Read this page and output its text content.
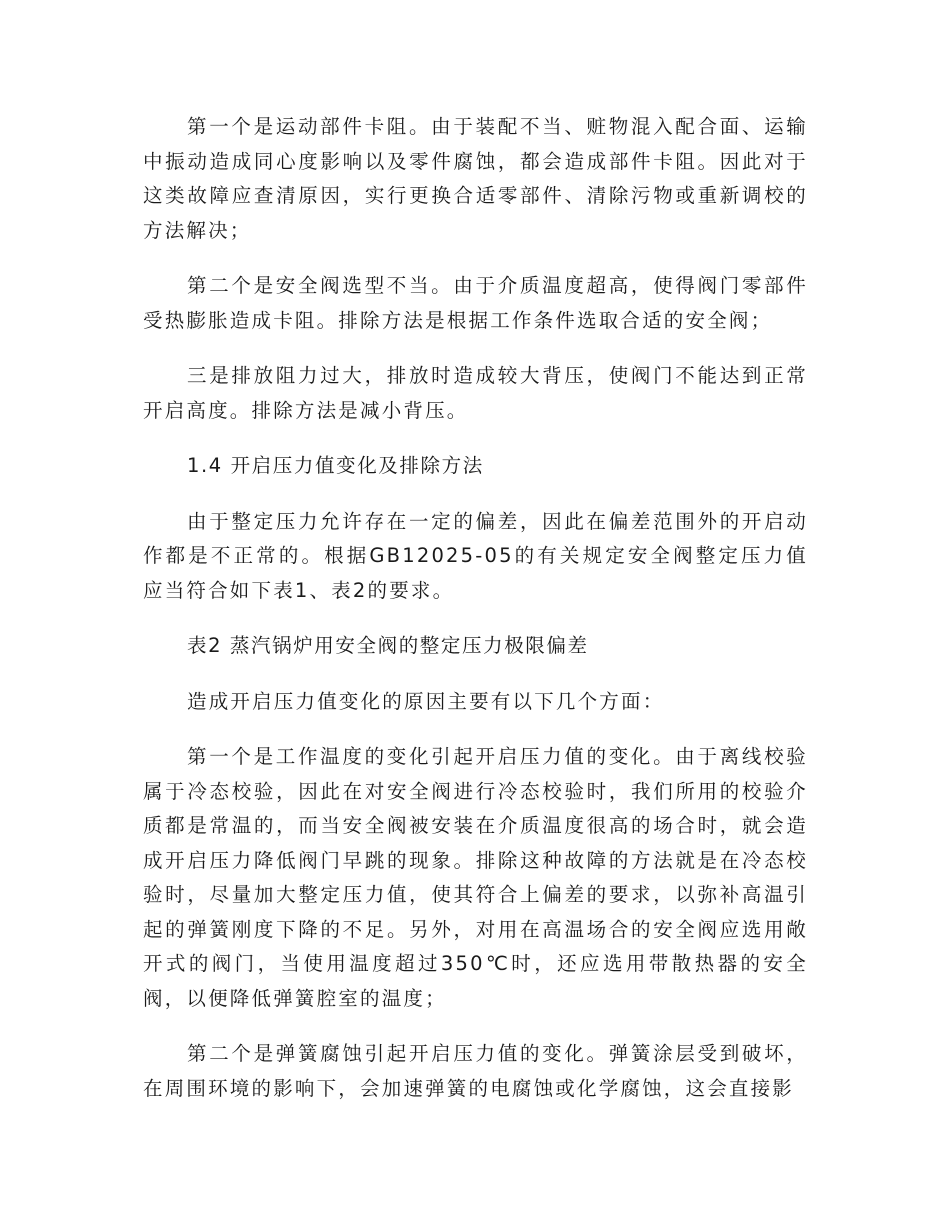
第一个是运动部件卡阻。由于装配不当、赃物混入配合面、运输中振动造成同心度影响以及零件腐蚀，都会造成部件卡阻。因此对于这类故障应查清原因，实行更换合适零部件、清除污物或重新调校的方法解决；

第二个是安全阀选型不当。由于介质温度超高，使得阀门零部件受热膨胀造成卡阻。排除方法是根据工作条件选取合适的安全阀；

三是排放阻力过大，排放时造成较大背压，使阀门不能达到正常开启高度。排除方法是减小背压。

1.4 开启压力值变化及排除方法

由于整定压力允许存在一定的偏差，因此在偏差范围外的开启动作都是不正常的。根据GB12025-05的有关规定安全阀整定压力值应当符合如下表1、表2的要求。

表2 蒸汽锅炉用安全阀的整定压力极限偏差

造成开启压力值变化的原因主要有以下几个方面：

第一个是工作温度的变化引起开启压力值的变化。由于离线校验属于冷态校验，因此在对安全阀进行冷态校验时，我们所用的校验介质都是常温的，而当安全阀被安装在介质温度很高的场合时，就会造成开启压力降低阀门早跳的现象。排除这种故障的方法就是在冷态校验时，尽量加大整定压力值，使其符合上偏差的要求，以弥补高温引起的弹簧刚度下降的不足。另外，对用在高温场合的安全阀应选用敞开式的阀门，当使用温度超过350℃时，还应选用带散热器的安全阀，以便降低弹簧腔室的温度；

第二个是弹簧腐蚀引起开启压力值的变化。弹簧涂层受到破坏，在周围环境的影响下，会加速弹簧的电腐蚀或化学腐蚀，这会直接影
